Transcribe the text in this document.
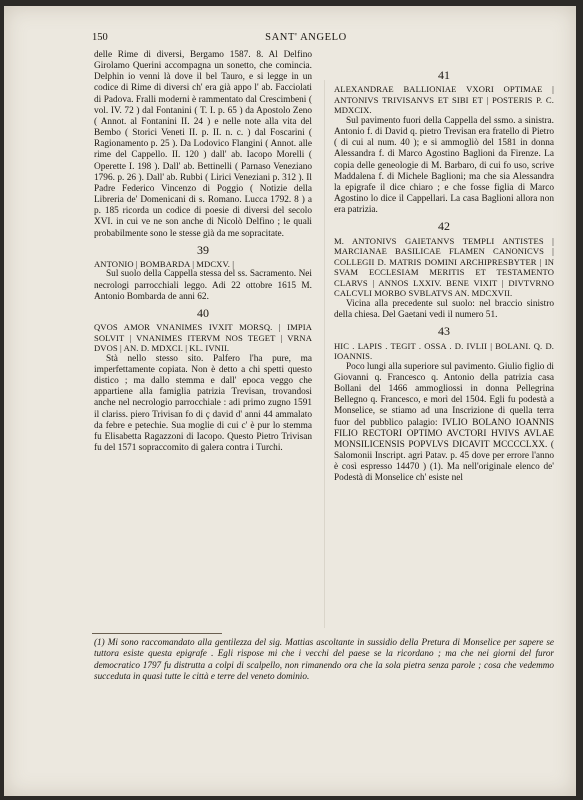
150	SANT' ANGELO

delle Rime di diversi, Bergamo 1587. 8. Al Delfino Girolamo Querini accompagna un sonetto, che comincia. Delphin io venni là dove il bel Tauro, e si legge in un codice di Rime di diversi ch' era già appo l' ab. Facciolati di Padova. Fralli moderni è rammentato dal Crescimbeni ( vol. IV. 72 ) dal Fontanini ( T. I. p. 65 ) da Apostolo Zeno ( Annot. al Fontanini II. 24 ) e nelle note alla vita del Bembo ( Storici Veneti II. p. II. n. c. ) dal Foscarini ( Ragionamento p. 25 ). Da Lodovico Flangini ( Annot. alle rime del Cappello. II. 120 ) dall' ab. Iacopo Morelli ( Operette I. 198 ). Dall' ab. Bettinelli ( Parnaso Veneziano 1796. p. 26 ). Dall' ab. Rubbi ( Lirici Veneziani p. 312 ). Il Padre Federico Vincenzo di Poggio ( Notizie della Libreria de' Domenicani di s. Romano. Lucca 1792. 8 ) a p. 185 ricorda un codice di poesie di diversi del secolo XVI. in cui ve ne son anche di Nicolò Delfino ; le quali probabilmente sono le stesse già da me sopracitate.

39

ANTONIO | BOMBARDA | MDCXV. |

Sul suolo della Cappella stessa del ss. Sacramento. Nei necrologi parrocchiali leggo. Adi 22 ottobre 1615 M. Antonio Bombarda de anni 62.

40

QVOS AMOR VNANIMES IVXIT MORSQ. | IMPIA SOLVIT | VNANIMES ITERVM NOS TEGET | VRNA DVOS | AN. D. MDXCI. | KL. IVNII.

Stà nello stesso sito. Palfero l'ha pure, ma imperfettamente copiata. Non è detto a chi spetti questo distico ; ma dallo stemma e dall' epoca veggo che appartiene alla famiglia patrizia Trevisan, trovandosi anche nel necrologio parrocchiale : adi primo zugno 1591 il clariss. piero Trivisan fo di ç david d' anni 44 ammalato da febre e petechie. Sua moglie di cui c' è pur lo stemma fu Elisabetta Ragazzoni di Iacopo. Questo Pietro Trivisan fu del 1571 sopraccomito di galera contra i Turchi.

41

ALEXANDRAE BALLIONIAE VXORI OPTIMAE | ANTONIVS TRIVISANVS ET SIBI ET | POSTERIS P. C. MDXCIX.

Sul pavimento fuori della Cappella del ssmo. a sinistra. Antonio f. di David q. pietro Trevisan era fratello di Pietro ( di cui al num. 40 ); e si ammogliò del 1581 in donna Alessandra f. di Marco Agostino Baglioni da Firenze. La copia delle geneologie di M. Barbaro, di cui fo uso, scrive Maddalena f. di Michele Baglioni; ma che sia Alessandra la epigrafe il dice chiaro ; e che fosse figlia di Marco Agostino lo dice il Cappellari. La casa Baglioni allora non era patrizia.

42

M. ANTONIVS GAIETANVS TEMPLI ANTISTES | MARCIANAE BASILICAE FLAMEN CANONICVS | COLLEGII D. MATRIS DOMINI ARCHIPRESBYTER | IN SVAM ECCLESIAM MERITIS ET TESTAMENTO CLARVS | ANNOS LXXIV. BENE VIXIT | DIVTVRNO CALCVLI MORBO SVBLATVS AN. MDCXVII.

Vicina alla precedente sul suolo: nel braccio sinistro della chiesa. Del Gaetani vedi il numero 51.

43

HIC . LAPIS . TEGIT . OSSA . D. IVLII | BOLANI. Q. D. IOANNIS.

Poco lungi alla superiore sul pavimento. Giulio figlio di Giovanni q. Francesco q. Antonio della patrizia casa Bollani del 1466 ammogliossi in donna Pellegrina Bellegno q. Francesco, e morì del 1504. Egli fu podestà a Monselice, se stiamo ad una Inscrizione di quella terra fuor del pubblico palagio: IVLIO BOLANO IOANNIS FILIO RECTORI OPTIMO AVCTORI HVIVS AVLAE MONSILICENSIS POPVLVS DICAVIT MCCCCLXX. ( Salomonii Inscript. agri Patav. p. 45 dove per errore l'anno è così espresso 14470 ) (1). Ma nell'originale elenco de' Podestà di Monselice ch' esiste nel

(1) Mi sono raccomandato alla gentilezza del sig. Mattias ascoltante in sussidio della Pretura di Monselice per sapere se tuttora esiste questa epigrafe . Egli rispose mi che i vecchi del paese se la ricordano ; ma che nei giorni del furor democratico 1797 fu distrutta a colpi di scalpello, non rimanendo ora che la sola pietra senza parole ; cosa che vedemmo succeduta in quasi tutte le città e terre del veneto dominio.
